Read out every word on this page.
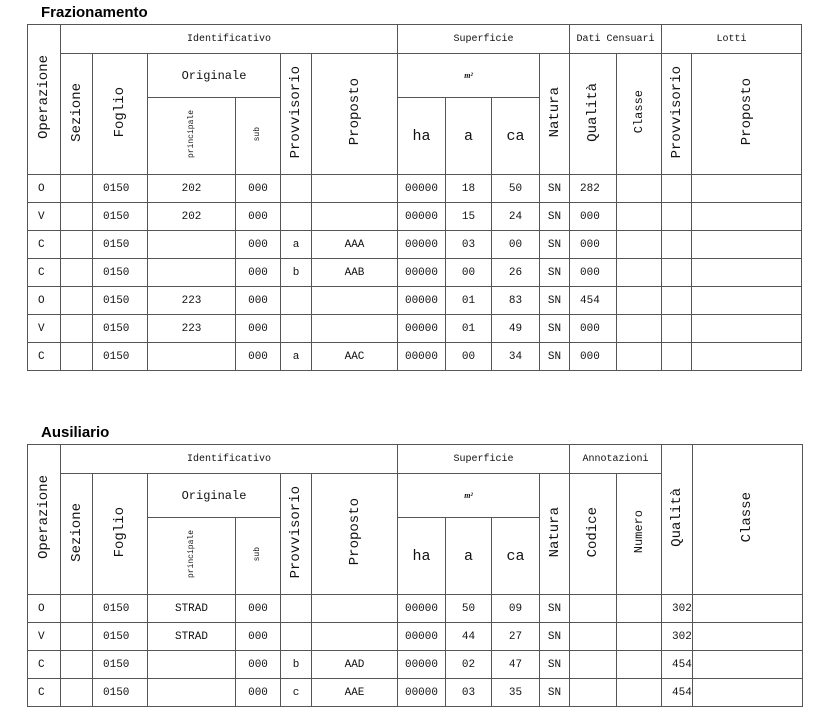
Frazionamento
Operazione	Identificativo						Superficie				Dati Censuari		Lotti	
	Sezione	Foglio	Originale		Provvisorio	Proposto	m²			Natura	Qualità	Classe	Provvisorio	Proposto
			principale	sub			ha	a	ca					
O		0150	202	000			00000	18	50	SN	282			
V		0150	202	000			00000	15	24	SN	000			
C		0150		000	a	AAA	00000	03	00	SN	000			
C		0150		000	b	AAB	00000	00	26	SN	000			
O		0150	223	000			00000	01	83	SN	454			
V		0150	223	000			00000	01	49	SN	000			
C		0150		000	a	AAC	00000	00	34	SN	000			
Ausiliario
Operazione	Identificativo						Superficie				Annotazioni		Qualità	Classe
	Sezione	Foglio	Originale		Provvisorio	Proposto	m²			Natura	Codice	Numero		
			principale	sub			ha	a	ca					
O		0150	STRAD	000			00000	50	09	SN			302	
V		0150	STRAD	000			00000	44	27	SN			302	
C		0150		000	b	AAD	00000	02	47	SN			454	
C		0150		000	c	AAE	00000	03	35	SN			454	
